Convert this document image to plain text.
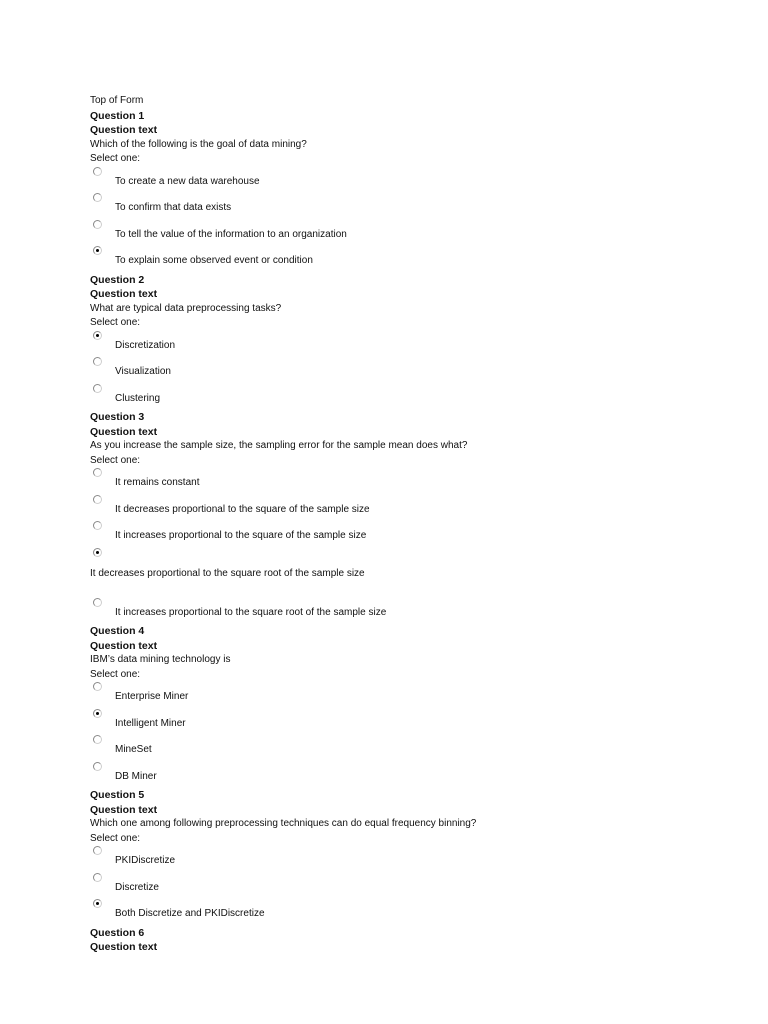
Top of Form
Question 1
Question text
Which of the following is the goal of data mining?
Select one:
To create a new data warehouse
To confirm that data exists
To tell the value of the information to an organization
To explain some observed event or condition
Question 2
Question text
What are typical data preprocessing tasks?
Select one:
Discretization
Visualization
Clustering
Question 3
Question text
As you increase the sample size, the sampling error for the sample mean does what?
Select one:
It remains constant
It decreases proportional to the square of the sample size
It increases proportional to the square of the sample size
It decreases proportional to the square root of the sample size
It increases proportional to the square root of the sample size
Question 4
Question text
IBM’s data mining technology is
Select one:
Enterprise Miner
Intelligent Miner
MineSet
DB Miner
Question 5
Question text
Which one among following preprocessing techniques can do equal frequency binning?
Select one:
PKIDiscretize
Discretize
Both Discretize and PKIDiscretize
Question 6
Question text
